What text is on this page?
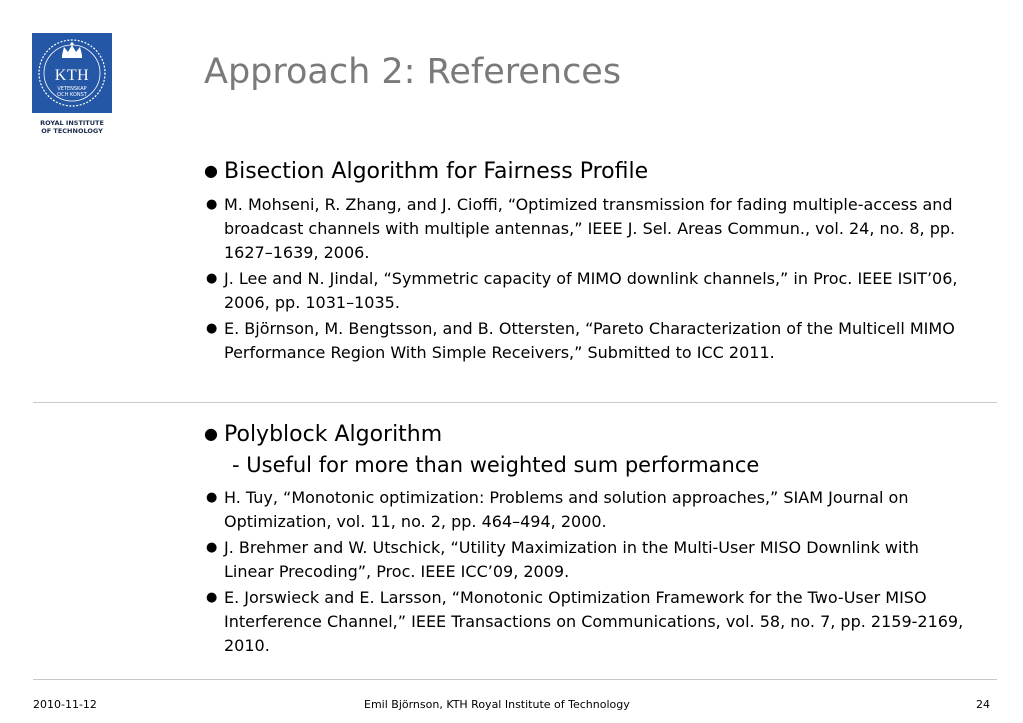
KTH
VETENSKAP
OCH KONST
ROYAL INSTITUTE
OF TECHNOLOGY
Approach 2: References
● Bisection Algorithm for Fairness Profile
● M. Mohseni, R. Zhang, and J. Cioffi, “Optimized transmission for fading multiple-access and broadcast channels with multiple antennas,” IEEE J. Sel. Areas Commun., vol. 24, no. 8, pp. 1627–1639, 2006.
● J. Lee and N. Jindal, “Symmetric capacity of MIMO downlink channels,” in Proc. IEEE ISIT’06, 2006, pp. 1031–1035.
● E. Björnson, M. Bengtsson, and B. Ottersten, “Pareto Characterization of the Multicell MIMO Performance Region With Simple Receivers,” Submitted to ICC 2011.
● Polyblock Algorithm
- Useful for more than weighted sum performance
● H. Tuy, “Monotonic optimization: Problems and solution approaches,” SIAM Journal on Optimization, vol. 11, no. 2, pp. 464–494, 2000.
● J. Brehmer and W. Utschick, “Utility Maximization in the Multi-User MISO Downlink with Linear Precoding”, Proc. IEEE ICC’09, 2009.
● E. Jorswieck and E. Larsson, “Monotonic Optimization Framework for the Two-User MISO Interference Channel,” IEEE Transactions on Communications, vol. 58, no. 7, pp. 2159-2169, 2010.
2010-11-12	Emil Björnson, KTH Royal Institute of Technology	24
